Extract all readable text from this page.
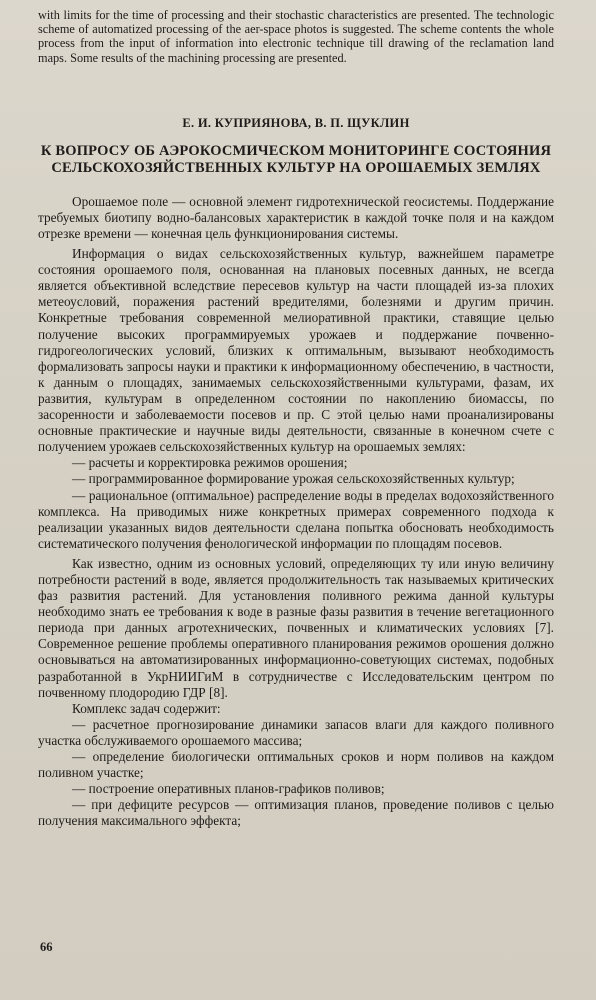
with limits for the time of processing and their stochastic characteristics are presented. The technologic scheme of automatized processing of the aer-space photos is suggested. The scheme contents the whole process from the input of information into electronic technique till drawing of the reclamation land maps. Some results of the machining processing are presented.

Е. И. КУПРИЯНОВА, В. П. ЩУКЛИН
К ВОПРОСУ ОБ АЭРОКОСМИЧЕСКОМ МОНИТОРИНГЕ СОСТОЯНИЯ СЕЛЬСКОХОЗЯЙСТВЕННЫХ КУЛЬТУР НА ОРОШАЕМЫХ ЗЕМЛЯХ

Орошаемое поле — основной элемент гидротехнической геосистемы. Поддержание требуемых биотипу водно-балансовых характеристик в каждой точке поля и на каждом отрезке времени — конечная цель функционирования системы.

Информация о видах сельскохозяйственных культур, важнейшем параметре состояния орошаемого поля, основанная на плановых посевных данных, не всегда является объективной вследствие пересевов культур на части площадей из-за плохих метеоусловий, поражения растений вредителями, болезнями и другим причин. Конкретные требования современной мелиоративной практики, ставящие целью получение высоких программируемых урожаев и поддержание почвенно-гидрогеологических условий, близких к оптимальным, вызывают необходимость формализовать запросы науки и практики к информационному обеспечению, в частности, к данным о площадях, занимаемых сельскохозяйственными культурами, фазам, их развития, культурам в определенном состоянии по накоплению биомассы, по засоренности и заболеваемости посевов и пр. С этой целью нами проанализированы основные практические и научные виды деятельности, связанные в конечном счете с получением урожаев сельскохозяйственных культур на орошаемых землях:

— расчеты и корректировка режимов орошения;

— программированное формирование урожая сельскохозяйственных культур;

— рациональное (оптимальное) распределение воды в пределах водохозяйственного комплекса. На приводимых ниже конкретных примерах современного подхода к реализации указанных видов деятельности сделана попытка обосновать необходимость систематического получения фенологической информации по площадям посевов.

Как известно, одним из основных условий, определяющих ту или иную величину потребности растений в воде, является продолжительность так называемых критических фаз развития растений. Для установления поливного режима данной культуры необходимо знать ее требования к воде в разные фазы развития в течение вегетационного периода при данных агротехнических, почвенных и климатических условиях [7]. Современное решение проблемы оперативного планирования режимов орошения должно основываться на автоматизированных информационно-советующих системах, подобных разработанной в УкрНИИГиМ в сотрудничестве с Исследовательским центром по почвенному плодородию ГДР [8].

Комплекс задач содержит:

— расчетное прогнозирование динамики запасов влаги для каждого поливного участка обслуживаемого орошаемого массива;

— определение биологически оптимальных сроков и норм поливов на каждом поливном участке;

— построение оперативных планов-графиков поливов;

— при дефиците ресурсов — оптимизация планов, проведение поливов с целью получения максимального эффекта;

66
